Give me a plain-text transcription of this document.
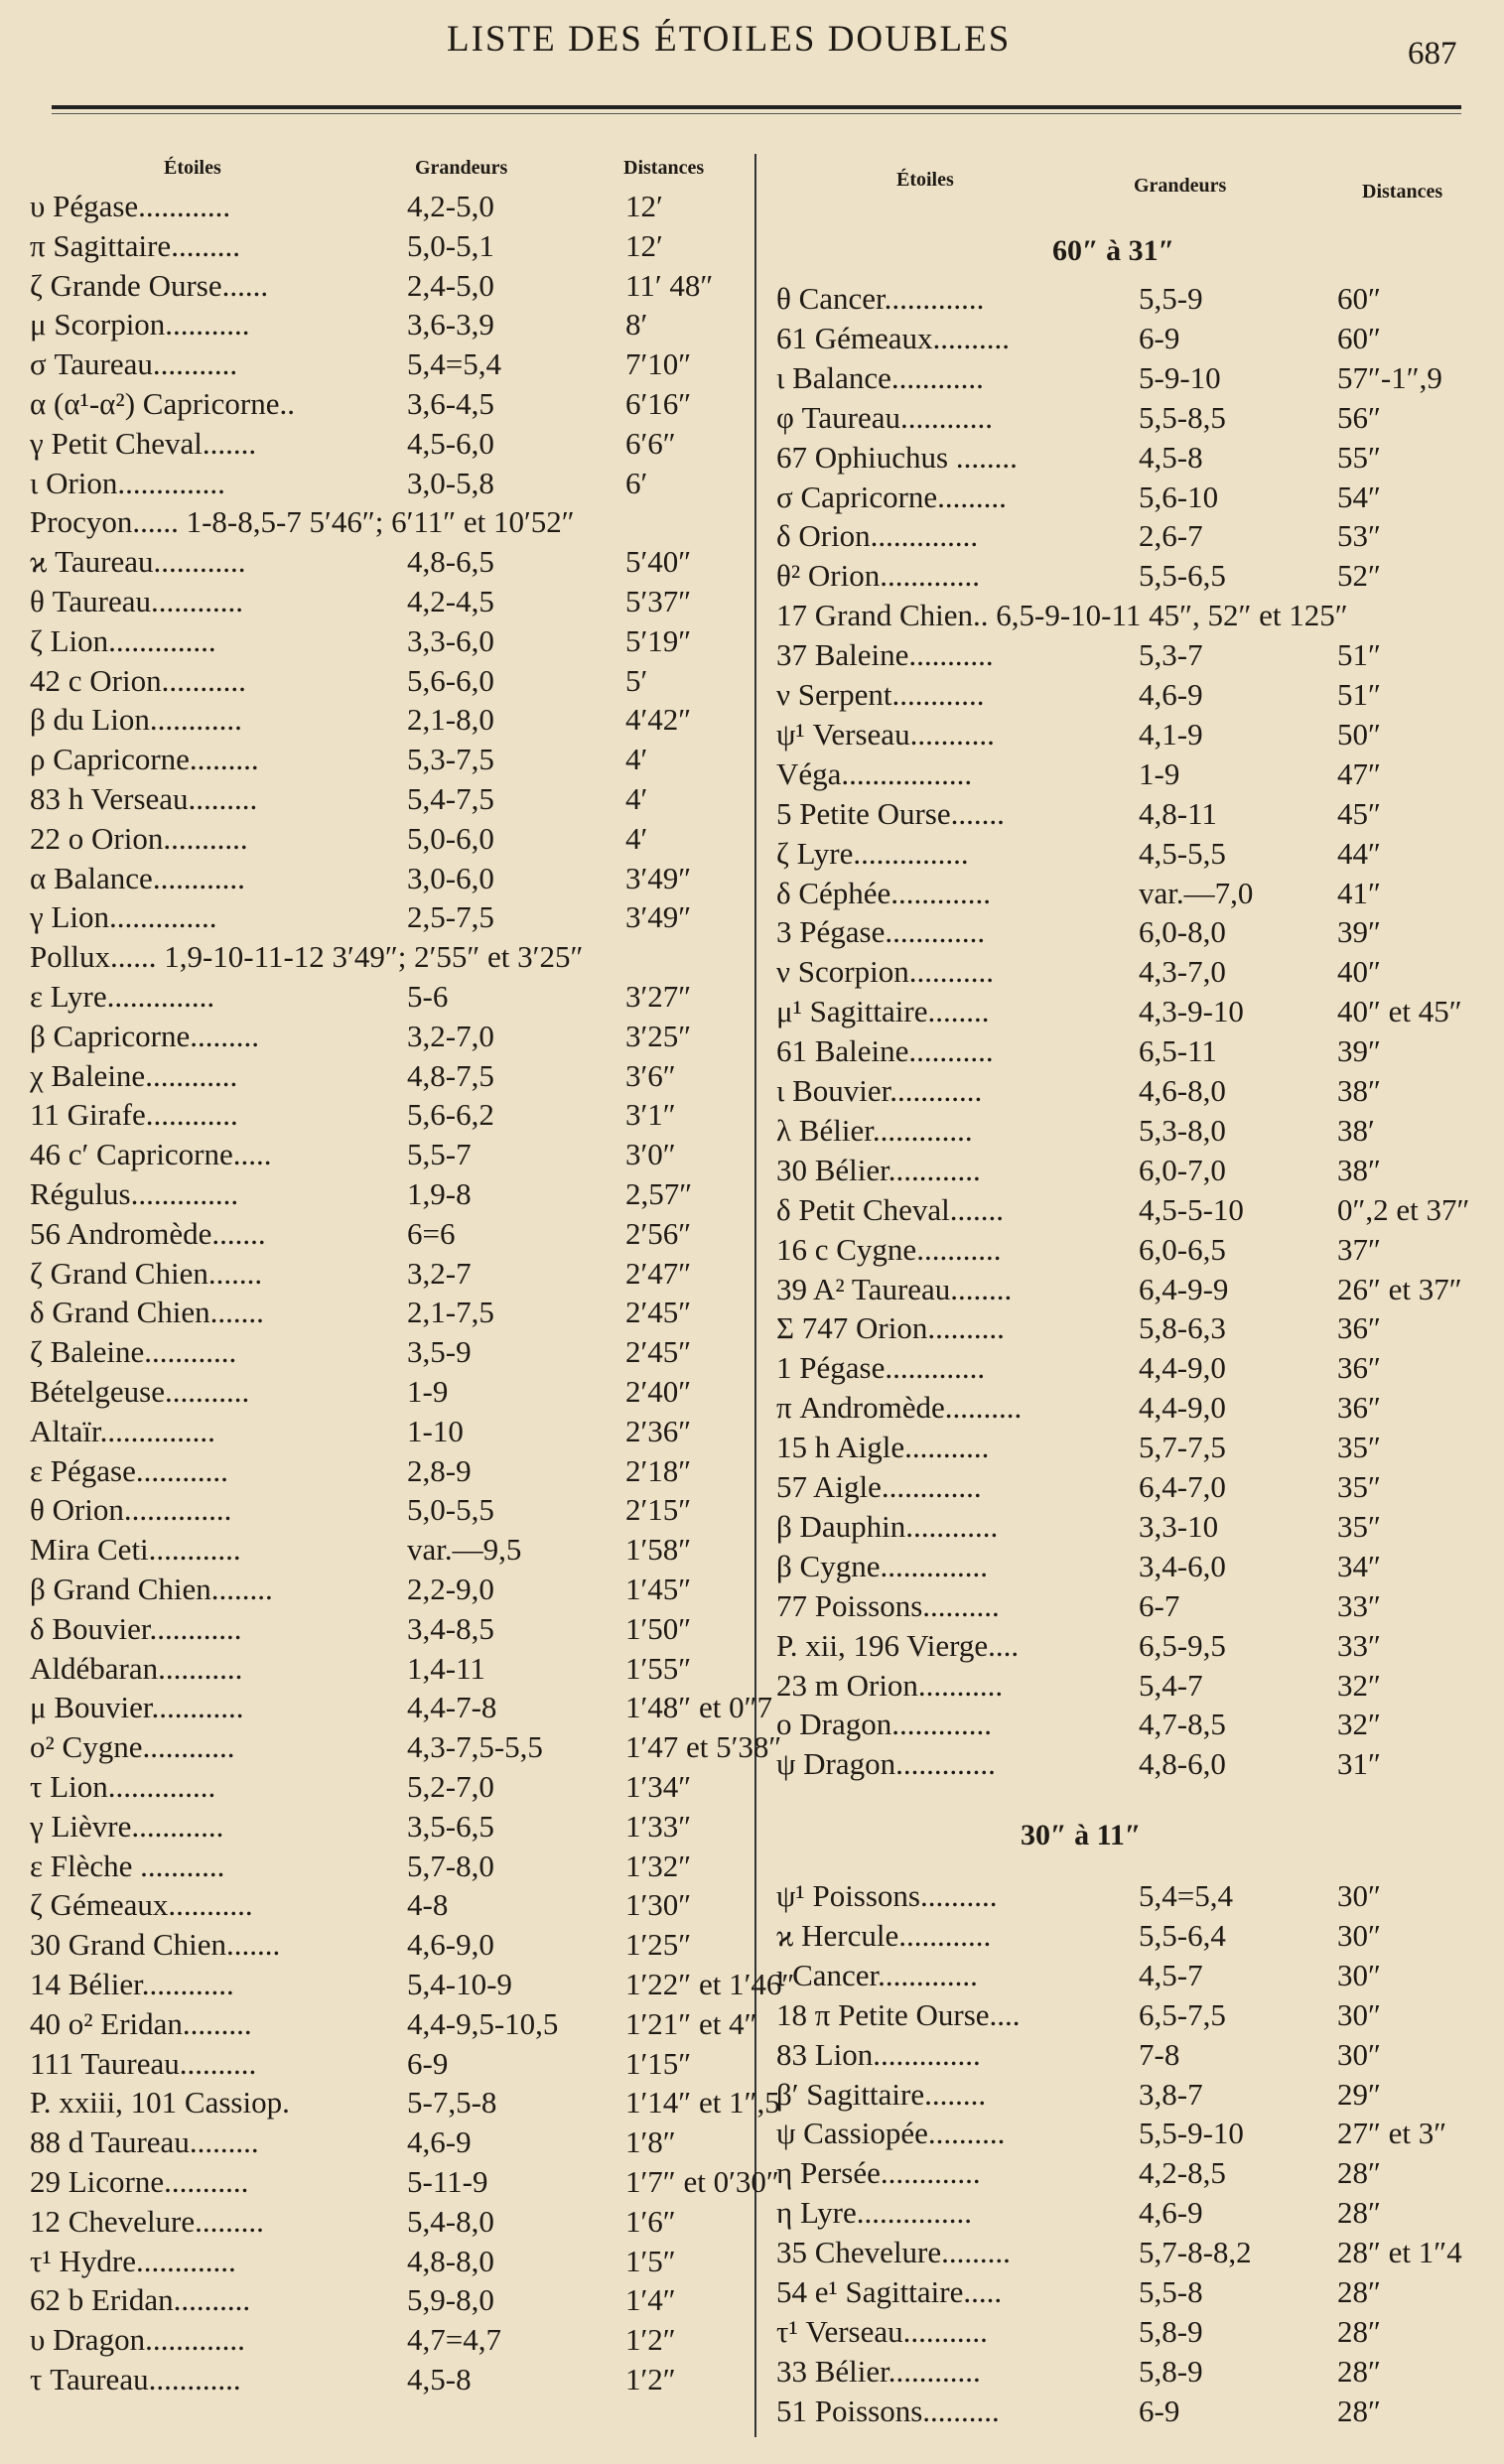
LISTE DES ÉTOILES DOUBLES	687
Étoiles	Grandeurs	Distances
Étoiles	Grandeurs	Distances
υ Pégase............	4,2-5,0	12′
π Sagittaire.........	5,0-5,1	12′
ζ Grande Ourse......	2,4-5,0	11′ 48″
μ Scorpion...........	3,6-3,9	8′
σ Taureau...........	5,4=5,4	7′10″
α (α¹-α²) Capricorne..	3,6-4,5	6′16″
γ Petit Cheval.......	4,5-6,0	6′6″
ι Orion..............	3,0-5,8	6′
Procyon...... 1-8-8,5-7 5′46″; 6′11″ et 10′52″
ϰ Taureau............	4,8-6,5	5′40″
θ Taureau............	4,2-4,5	5′37″
ζ Lion..............	3,3-6,0	5′19″
42 c Orion...........	5,6-6,0	5′
β du Lion............	2,1-8,0	4′42″
ρ Capricorne.........	5,3-7,5	4′
83 h Verseau.........	5,4-7,5	4′
22 o Orion...........	5,0-6,0	4′
α Balance............	3,0-6,0	3′49″
γ Lion..............	2,5-7,5	3′49″
Pollux...... 1,9-10-11-12 3′49″; 2′55″ et 3′25″
ε Lyre..............	5-6	3′27″
β Capricorne.........	3,2-7,0	3′25″
χ Baleine............	4,8-7,5	3′6″
11 Girafe............	5,6-6,2	3′1″
46 c′ Capricorne.....	5,5-7	3′0″
Régulus..............	1,9-8	2,57″
56 Andromède.......	6=6	2′56″
ζ Grand Chien.......	3,2-7	2′47″
δ Grand Chien.......	2,1-7,5	2′45″
ζ Baleine............	3,5-9	2′45″
Bételgeuse...........	1-9	2′40″
Altaïr...............	1-10	2′36″
ε Pégase............	2,8-9	2′18″
θ Orion..............	5,0-5,5	2′15″
Mira Ceti............	var.—9,5	1′58″
β Grand Chien........	2,2-9,0	1′45″
δ Bouvier............	3,4-8,5	1′50″
Aldébaran...........	1,4-11	1′55″
μ Bouvier............	4,4-7-8	1′48″ et 0″7
o² Cygne............	4,3-7,5-5,5	1′47 et 5′38″
τ Lion..............	5,2-7,0	1′34″
γ Lièvre............	3,5-6,5	1′33″
ε Flèche ...........	5,7-8,0	1′32″
ζ Gémeaux...........	4-8	1′30″
30 Grand Chien.......	4,6-9,0	1′25″
14 Bélier............	5,4-10-9	1′22″ et 1′46″
40 o² Eridan.........	4,4-9,5-10,5 1′21″ et 4″
111 Taureau..........	6-9	1′15″
P. xxiii, 101 Cassiop.	5-7,5-8	1′14″ et 1″,5
88 d Taureau.........	4,6-9	1′8″
29 Licorne...........	5-11-9	1′7″ et 0′30″
12 Chevelure.........	5,4-8,0	1′6″
τ¹ Hydre.............	4,8-8,0	1′5″
62 b Eridan..........	5,9-8,0	1′4″
υ Dragon.............	4,7=4,7	1′2″
τ Taureau............	4,5-8	1′2″
60″ à 31″
θ Cancer.............	5,5-9	60″
61 Gémeaux..........	6-9	60″
ι Balance............	5-9-10	57″-1″,9
φ Taureau............	5,5-8,5	56″
67 Ophiuchus ........	4,5-8	55″
σ Capricorne.........	5,6-10	54″
δ Orion..............	2,6-7	53″
θ² Orion.............	5,5-6,5	52″
17 Grand Chien.. 6,5-9-10-11 45″, 52″ et 125″
37 Baleine...........	5,3-7	51″
ν Serpent............	4,6-9	51″
ψ¹ Verseau...........	4,1-9	50″
Véga.................	1-9	47″
5 Petite Ourse.......	4,8-11	45″
ζ Lyre...............	4,5-5,5	44″
δ Céphée.............	var.—7,0	41″
3 Pégase.............	6,0-8,0	39″
ν Scorpion...........	4,3-7,0	40″
μ¹ Sagittaire........	4,3-9-10	40″ et 45″
61 Baleine...........	6,5-11	39″
ι Bouvier............	4,6-8,0	38″
λ Bélier.............	5,3-8,0	38′
30 Bélier............	6,0-7,0	38″
δ Petit Cheval.......	4,5-5-10	0″,2 et 37″
16 c Cygne...........	6,0-6,5	37″
39 A² Taureau........	6,4-9-9	26″ et 37″
Σ 747 Orion..........	5,8-6,3	36″
1 Pégase.............	4,4-9,0	36″
π Andromède..........	4,4-9,0	36″
15 h Aigle...........	5,7-7,5	35″
57 Aigle.............	6,4-7,0	35″
β Dauphin............	3,3-10	35″
β Cygne..............	3,4-6,0	34″
77 Poissons..........	6-7	33″
P. xii, 196 Vierge....	6,5-9,5	33″
23 m Orion...........	5,4-7	32″
o Dragon.............	4,7-8,5	32″
ψ Dragon.............	4,8-6,0	31″
30″ à 11″
ψ¹ Poissons..........	5,4=5,4	30″
ϰ Hercule............	5,5-6,4	30″
ι Cancer.............	4,5-7	30″
18 π Petite Ourse....	6,5-7,5	30″
83 Lion..............	7-8	30″
β′ Sagittaire........	3,8-7	29″
ψ Cassiopée..........	5,5-9-10	27″ et 3″
η Persée.............	4,2-8,5	28″
η Lyre...............	4,6-9	28″
35 Chevelure.........	5,7-8-8,2	28″ et 1″4
54 e¹ Sagittaire.....	5,5-8	28″
τ¹ Verseau...........	5,8-9	28″
33 Bélier............	5,8-9	28″
51 Poissons..........	6-9	28″
